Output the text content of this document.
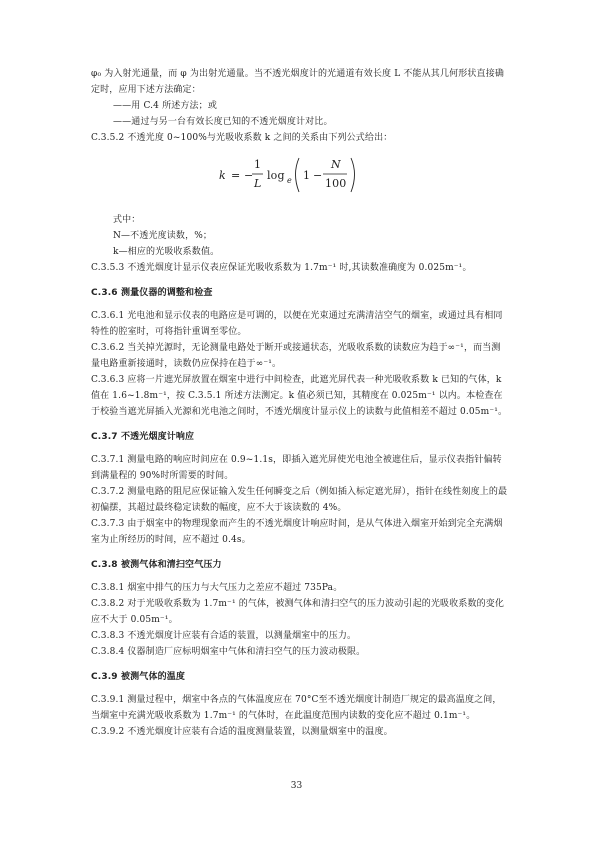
φ₀ 为入射光通量，而 φ 为出射光通量。当不透光烟度计的光通道有效长度 L 不能从其几何形状直接确定时，应用下述方法确定：

——用 C.4 所述方法；或

——通过与另一台有效长度已知的不透光烟度计对比。

C.3.5.2 不透光度 0~100%与光吸收系数 k 之间的关系由下列公式给出：

k = −
1
L
log e 1 −
N
100

式中：

N—不透光度读数，%；

k—相应的光吸收系数值。

C.3.5.3 不透光烟度计显示仪表应保证光吸收系数为 1.7m⁻¹ 时,其读数准确度为 0.025m⁻¹。

C.3.6 测量仪器的调整和检查

C.3.6.1 光电池和显示仪表的电路应是可调的，以便在光束通过充满清洁空气的烟室，或通过具有相同特性的腔室时，可将指针重调至零位。

C.3.6.2 当关掉光源时，无论测量电路处于断开或接通状态，光吸收系数的读数应为趋于∞⁻¹，而当测量电路重新接通时，读数仍应保持在趋于∞⁻¹。

C.3.6.3 应将一片遮光屏放置在烟室中进行中间检查，此遮光屏代表一种光吸收系数 k 已知的气体，k 值在 1.6~1.8m⁻¹，按 C.3.5.1 所述方法测定。k 值必须已知，其精度在 0.025m⁻¹ 以内。本检查在于校验当遮光屏插入光源和光电池之间时，不透光烟度计显示仪上的读数与此值相差不超过 0.05m⁻¹。

C.3.7 不透光烟度计响应

C.3.7.1 测量电路的响应时间应在 0.9~1.1s，即插入遮光屏使光电池全被遮住后，显示仪表指针偏转到满量程的 90%时所需要的时间。

C.3.7.2 测量电路的阻尼应保证输入发生任何瞬变之后（例如插入标定遮光屏），指针在线性刻度上的最初偏摆，其超过最终稳定读数的幅度，应不大于该读数的 4%。

C.3.7.3 由于烟室中的物理现象而产生的不透光烟度计响应时间，是从气体进入烟室开始到完全充满烟室为止所经历的时间，应不超过 0.4s。

C.3.8 被测气体和清扫空气压力

C.3.8.1 烟室中排气的压力与大气压力之差应不超过 735Pa。

C.3.8.2 对于光吸收系数为 1.7m⁻¹ 的气体，被测气体和清扫空气的压力波动引起的光吸收系数的变化应不大于 0.05m⁻¹。

C.3.8.3 不透光烟度计应装有合适的装置，以测量烟室中的压力。

C.3.8.4 仪器制造厂应标明烟室中气体和清扫空气的压力波动极限。

C.3.9 被测气体的温度

C.3.9.1 测量过程中，烟室中各点的气体温度应在 70°C至不透光烟度计制造厂规定的最高温度之间，当烟室中充满光吸收系数为 1.7m⁻¹ 的气体时，在此温度范围内读数的变化应不超过 0.1m⁻¹。

C.3.9.2 不透光烟度计应装有合适的温度测量装置，以测量烟室中的温度。

33
